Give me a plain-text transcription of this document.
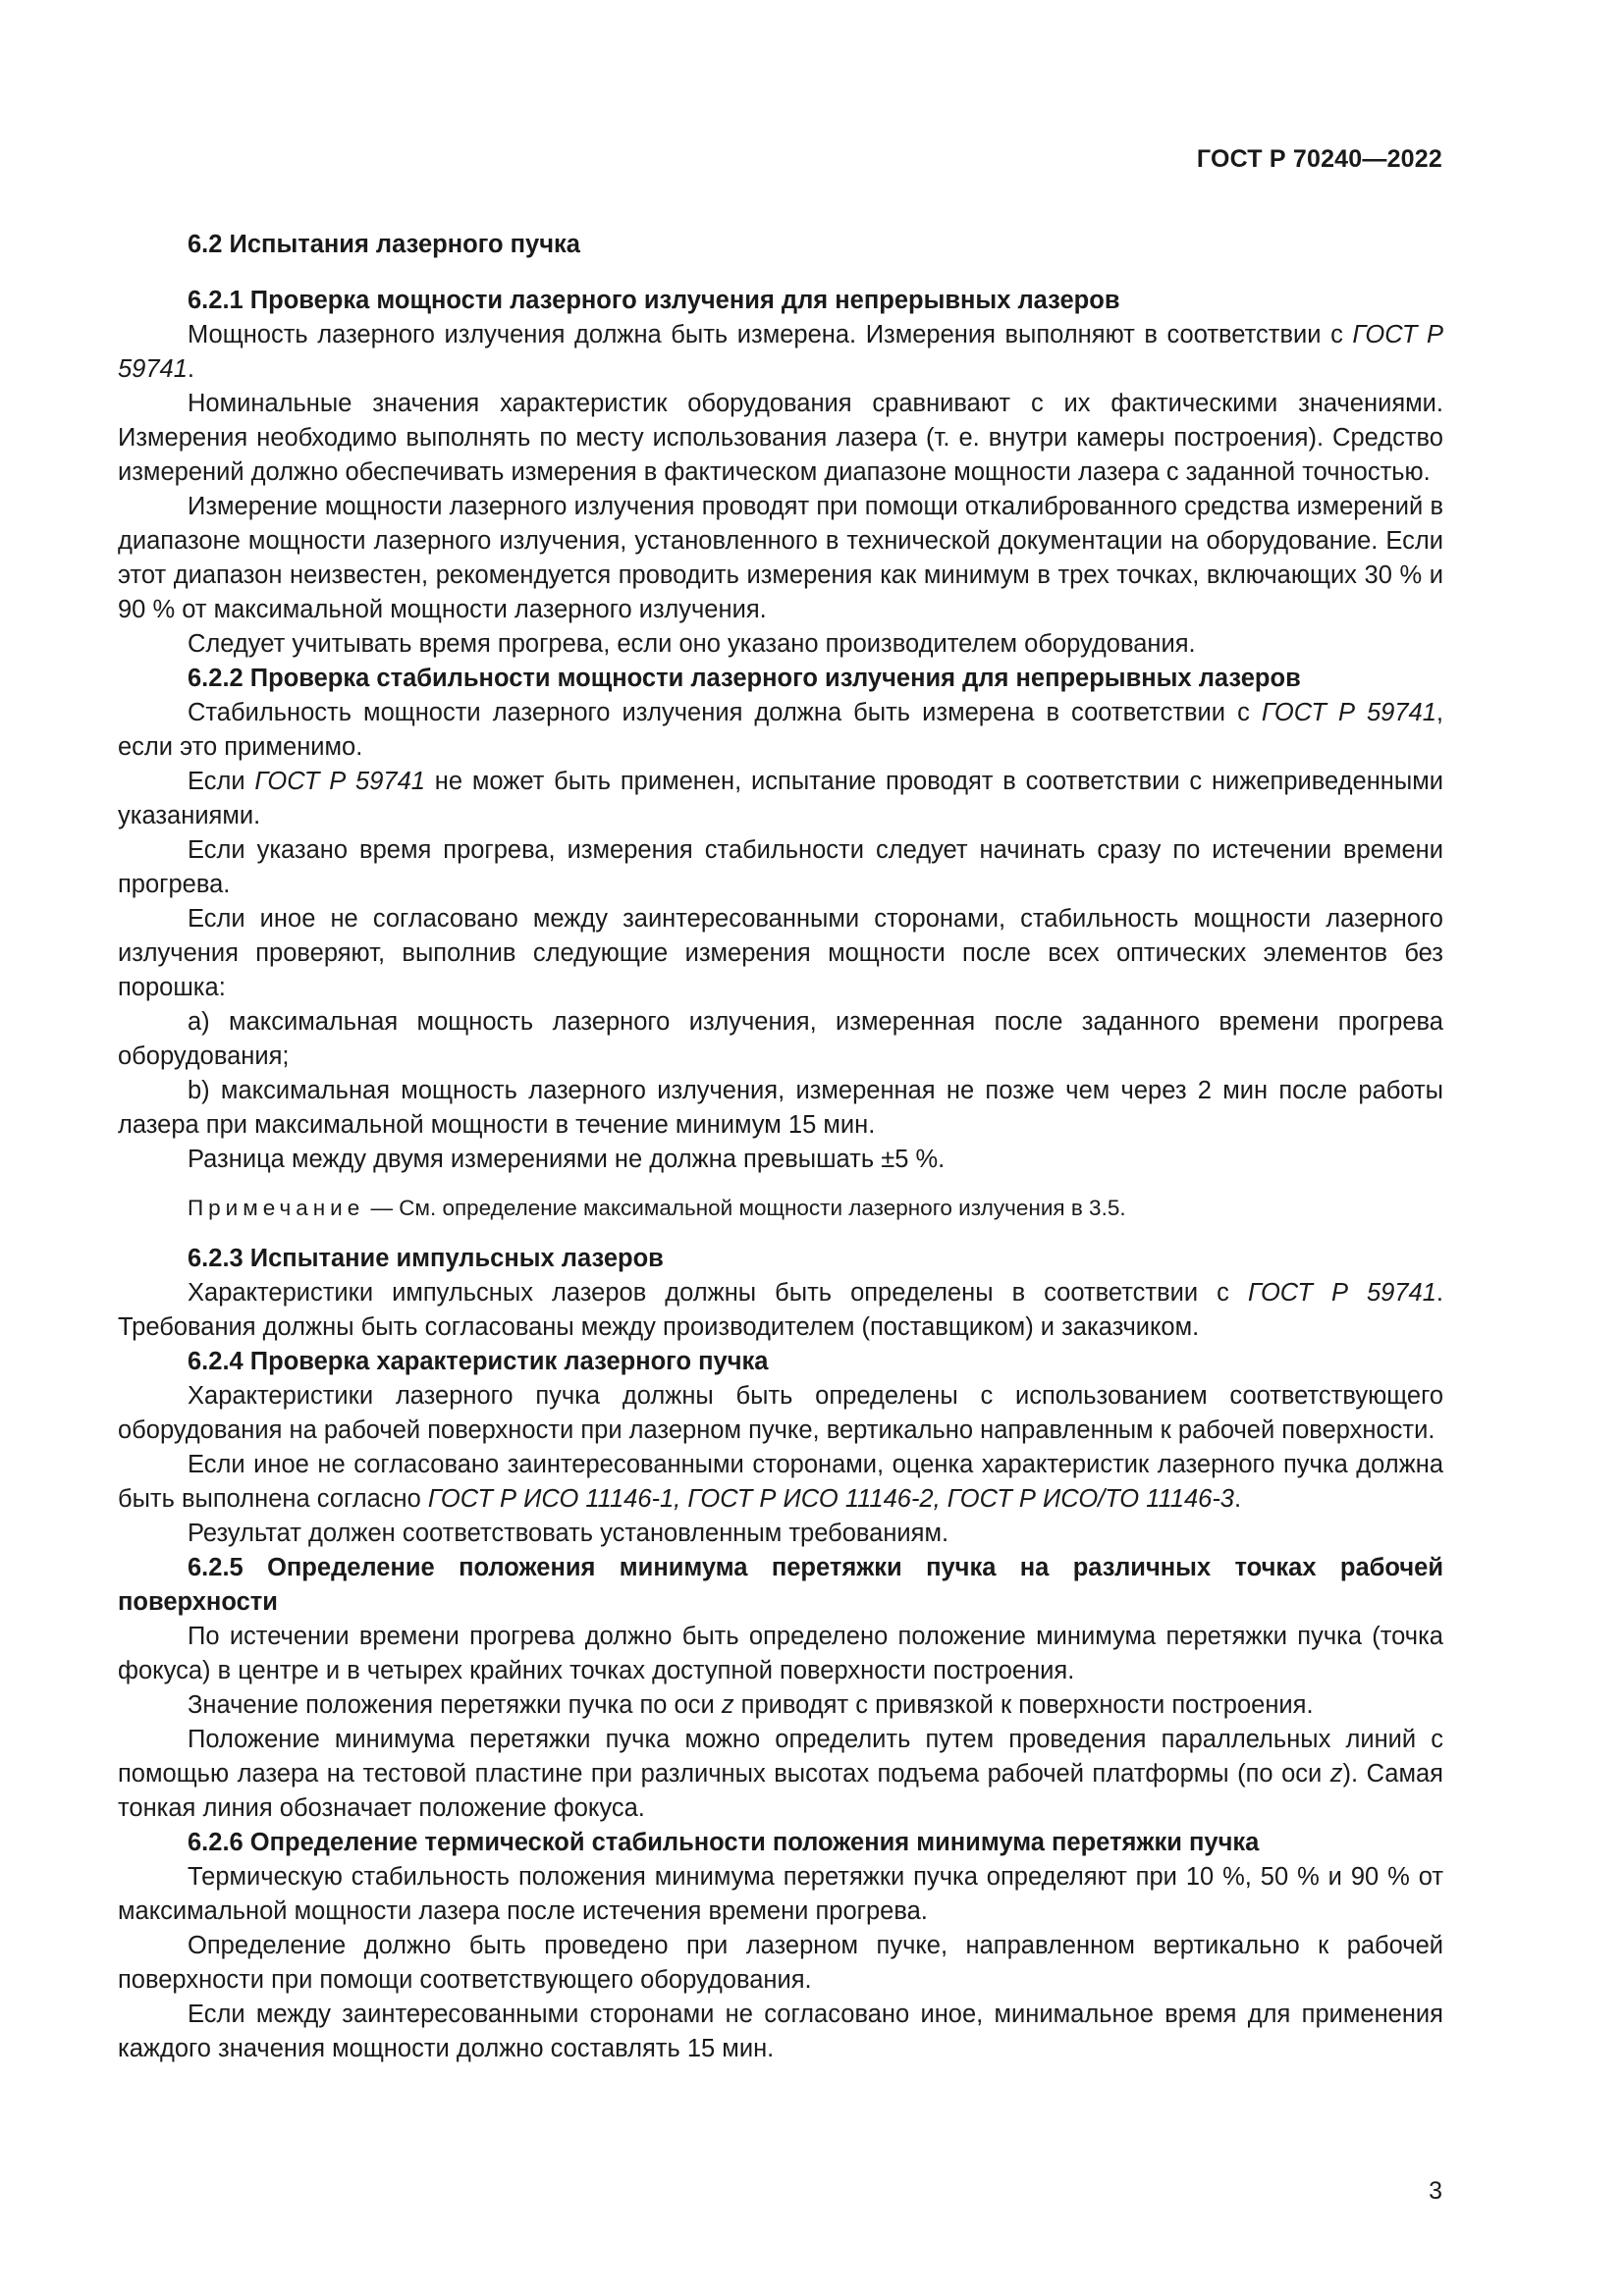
ГОСТ Р 70240—2022

6.2 Испытания лазерного пучка

6.2.1 Проверка мощности лазерного излучения для непрерывных лазеров

Мощность лазерного излучения должна быть измерена. Измерения выполняют в соответствии с ГОСТ Р 59741.

Номинальные значения характеристик оборудования сравнивают с их фактическими значениями. Измерения необходимо выполнять по месту использования лазера (т. е. внутри камеры построения). Средство измерений должно обеспечивать измерения в фактическом диапазоне мощности лазера с заданной точностью.

Измерение мощности лазерного излучения проводят при помощи откалиброванного средства измерений в диапазоне мощности лазерного излучения, установленного в технической документации на оборудование. Если этот диапазон неизвестен, рекомендуется проводить измерения как минимум в трех точках, включающих 30 % и 90 % от максимальной мощности лазерного излучения.

Следует учитывать время прогрева, если оно указано производителем оборудования.

6.2.2 Проверка стабильности мощности лазерного излучения для непрерывных лазеров

Стабильность мощности лазерного излучения должна быть измерена в соответствии с ГОСТ Р 59741, если это применимо.

Если ГОСТ Р 59741 не может быть применен, испытание проводят в соответствии с нижеприведенными указаниями.

Если указано время прогрева, измерения стабильности следует начинать сразу по истечении времени прогрева.

Если иное не согласовано между заинтересованными сторонами, стабильность мощности лазерного излучения проверяют, выполнив следующие измерения мощности после всех оптических элементов без порошка:

a) максимальная мощность лазерного излучения, измеренная после заданного времени прогрева оборудования;

b) максимальная мощность лазерного излучения, измеренная не позже чем через 2 мин после работы лазера при максимальной мощности в течение минимум 15 мин.

Разница между двумя измерениями не должна превышать ±5 %.

Примечание — См. определение максимальной мощности лазерного излучения в 3.5.

6.2.3 Испытание импульсных лазеров

Характеристики импульсных лазеров должны быть определены в соответствии с ГОСТ Р 59741. Требования должны быть согласованы между производителем (поставщиком) и заказчиком.

6.2.4 Проверка характеристик лазерного пучка

Характеристики лазерного пучка должны быть определены с использованием соответствующего оборудования на рабочей поверхности при лазерном пучке, вертикально направленным к рабочей поверхности.

Если иное не согласовано заинтересованными сторонами, оценка характеристик лазерного пучка должна быть выполнена согласно ГОСТ Р ИСО 11146-1, ГОСТ Р ИСО 11146-2, ГОСТ Р ИСО/ТО 11146-3.

Результат должен соответствовать установленным требованиям.

6.2.5 Определение положения минимума перетяжки пучка на различных точках рабочей поверхности

По истечении времени прогрева должно быть определено положение минимума перетяжки пучка (точка фокуса) в центре и в четырех крайних точках доступной поверхности построения.

Значение положения перетяжки пучка по оси z приводят с привязкой к поверхности построения.

Положение минимума перетяжки пучка можно определить путем проведения параллельных линий с помощью лазера на тестовой пластине при различных высотах подъема рабочей платформы (по оси z). Самая тонкая линия обозначает положение фокуса.

6.2.6 Определение термической стабильности положения минимума перетяжки пучка

Термическую стабильность положения минимума перетяжки пучка определяют при 10 %, 50 % и 90 % от максимальной мощности лазера после истечения времени прогрева.

Определение должно быть проведено при лазерном пучке, направленном вертикально к рабочей поверхности при помощи соответствующего оборудования.

Если между заинтересованными сторонами не согласовано иное, минимальное время для применения каждого значения мощности должно составлять 15 мин.

3
